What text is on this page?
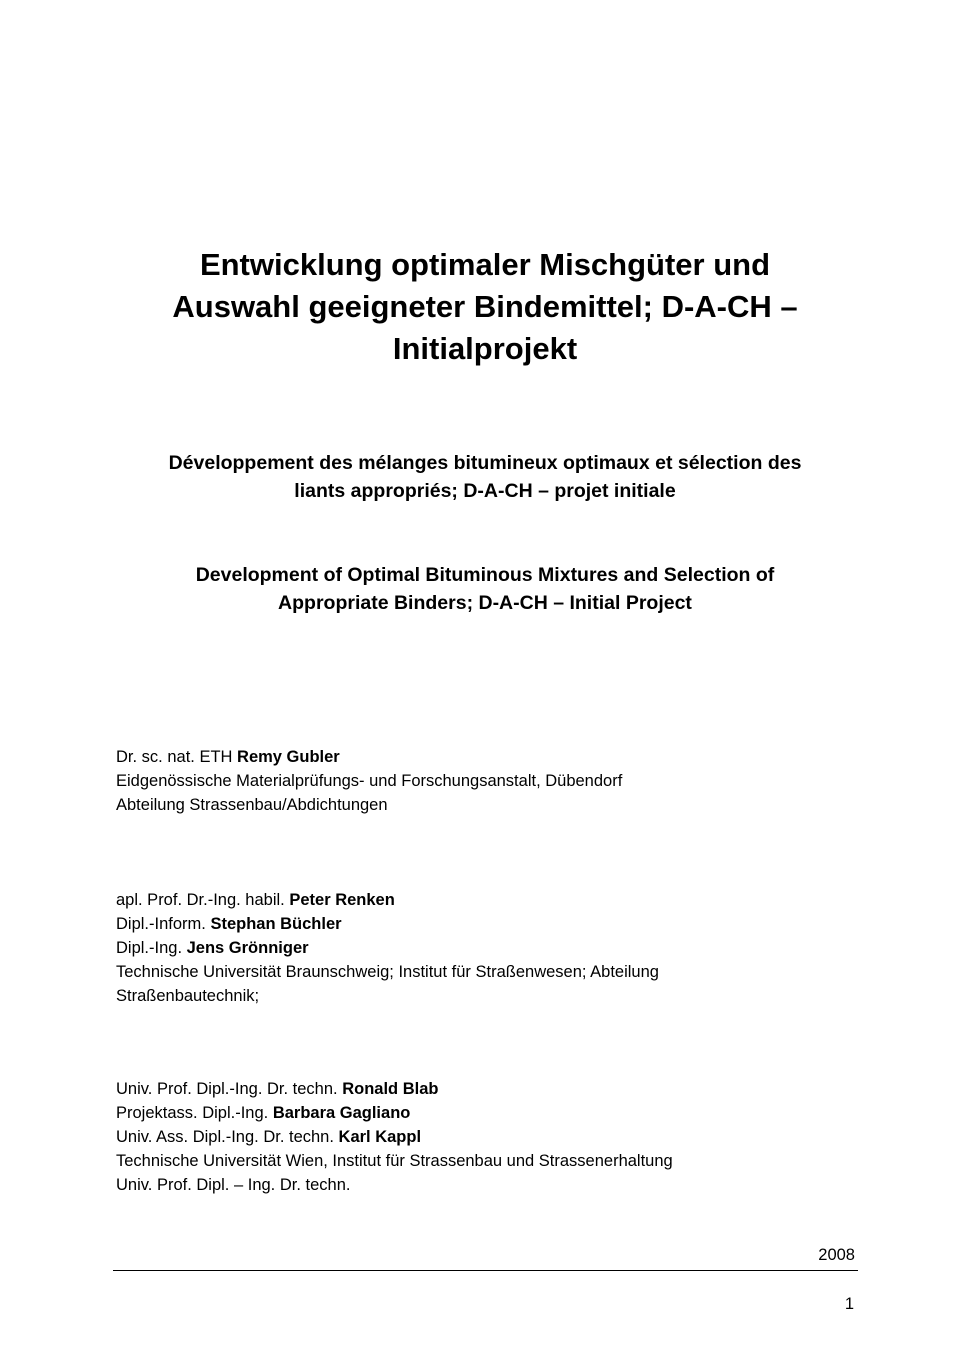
Entwicklung optimaler Mischgüter und
Auswahl geeigneter Bindemittel; D-A-CH –
Initialprojekt
Développement des mélanges bitumineux optimaux et sélection des
liants appropriés; D-A-CH – projet initiale
Development of Optimal Bituminous Mixtures and Selection of
Appropriate Binders; D-A-CH – Initial Project
Dr. sc. nat. ETH Remy Gubler
Eidgenössische Materialprüfungs- und Forschungsanstalt, Dübendorf
Abteilung Strassenbau/Abdichtungen
apl. Prof. Dr.-Ing. habil. Peter Renken
Dipl.-Inform. Stephan Büchler
Dipl.-Ing. Jens Grönniger
Technische Universität Braunschweig; Institut für Straßenwesen; Abteilung
Straßenbautechnik;
Univ. Prof. Dipl.-Ing. Dr. techn. Ronald Blab
Projektass. Dipl.-Ing. Barbara Gagliano
Univ. Ass. Dipl.-Ing. Dr. techn. Karl Kappl
Technische Universität Wien, Institut für Strassenbau und Strassenerhaltung
Univ. Prof. Dipl. – Ing. Dr. techn.
2008
1
